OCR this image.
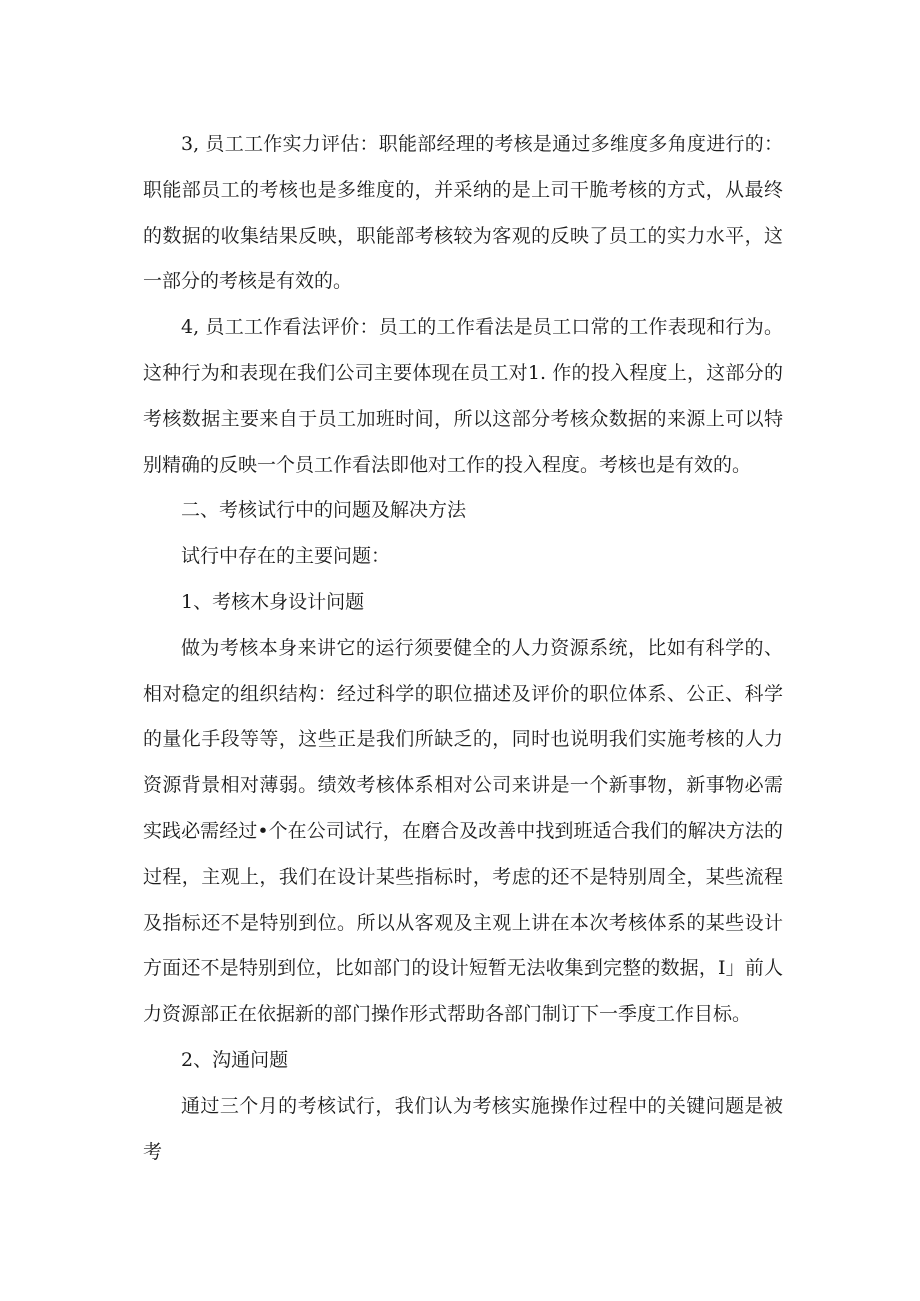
3, 员工工作实力评估：职能部经理的考核是通过多维度多角度进行的：职能部员工的考核也是多维度的，并采纳的是上司干脆考核的方式，从最终的数据的收集结果反映，职能部考核较为客观的反映了员工的实力水平，这一部分的考核是有效的。

4, 员工工作看法评价：员工的工作看法是员工口常的工作表现和行为。这种行为和表现在我们公司主要体现在员工对1. 作的投入程度上，这部分的考核数据主要来自于员工加班时间，所以这部分考核众数据的来源上可以特别精确的反映一个员工作看法即他对工作的投入程度。考核也是有效的。

二、考核试行中的问题及解决方法

试行中存在的主要问题：

1、考核木身设计问题

做为考核本身来讲它的运行须要健全的人力资源系统，比如有科学的、相对稳定的组织结构：经过科学的职位描述及评价的职位体系、公正、科学的量化手段等等，这些正是我们所缺乏的，同时也说明我们实施考核的人力资源背景相对薄弱。绩效考核体系相对公司来讲是一个新事物，新事物必需实践必需经过•个在公司试行，在磨合及改善中找到班适合我们的解决方法的过程，主观上，我们在设计某些指标时，考虑的还不是特别周全，某些流程及指标还不是特别到位。所以从客观及主观上讲在本次考核体系的某些设计方面还不是特别到位，比如部门的设计短暂无法收集到完整的数据，I」前人力资源部正在依据新的部门操作形式帮助各部门制订下一季度工作目标。

2、沟通问题

通过三个月的考核试行，我们认为考核实施操作过程中的关键问题是被考
